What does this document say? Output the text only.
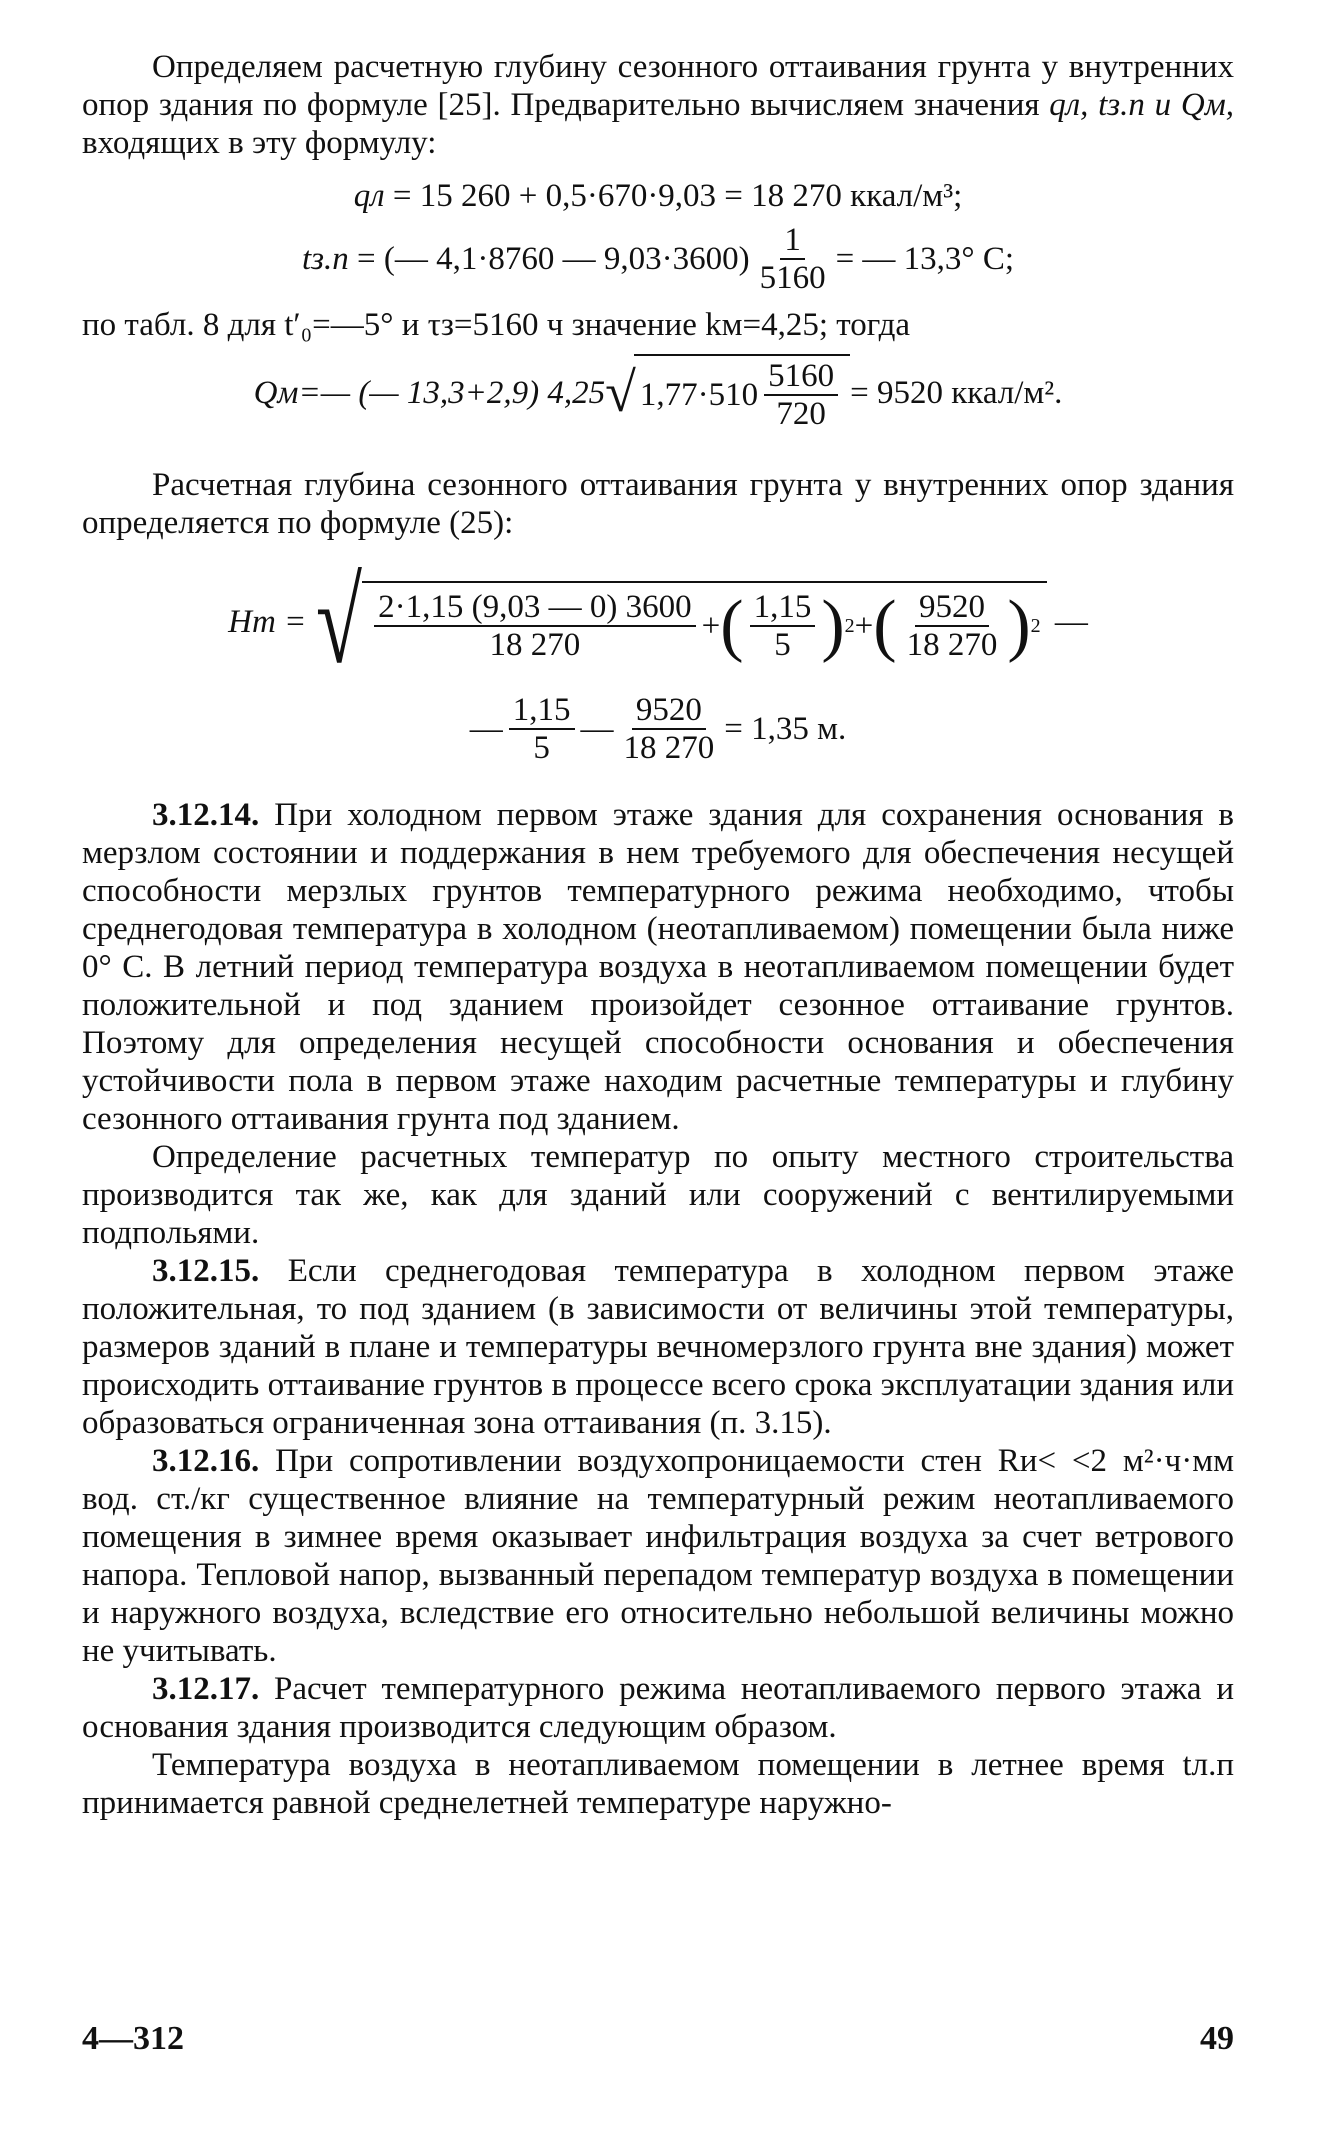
Определяем расчетную глубину сезонного оттаивания грунта у внутренних опор здания по формуле [25]. Предварительно вычисляем значения qл, tз.п и Qм, входящих в эту формулу:

qл
= 15 260 + 0,5·670·9,03 = 18 270 ккал/м³;
tз.п
= (— 4,1·8760 — $9,03\cdot 3600) \frac{1}{5160}$ = — 13,3° С;

по табл. 8 для t′₀=—5° и τз=5160 ч значение kм=4,25; тогда

Qм=— (— 13,3+2,9) 4,25 √ $1,77\cdot 510 \frac{5160}{720} = 9520$ ккал/м².

Расчетная глубина сезонного оттаивания грунта у внутренних опор здания определяется по формуле (25):

Hт = √ $\frac{2\cdot 1,15 (9,03 — 0) 3600}{18 270}$ + ( $\frac{1,15}{5}$ ) 2 + ( $\frac{9520}{18 270}$ ) 2 —
— $\frac{1,15}{5}$ — $\frac{9520}{18 270} = 1,35$ м.

3.12.14. При холодном первом этаже здания для сохранения основания в мерзлом состоянии и поддержания в нем требуемого для обеспечения несущей способности мерзлых грунтов температурного режима необходимо, чтобы среднегодовая температура в холодном (неотапливаемом) помещении была ниже 0° С. В летний период температура воздуха в неотапливаемом помещении будет положительной и под зданием произойдет сезонное оттаивание грунтов. Поэтому для определения несущей способности основания и обеспечения устойчивости пола в первом этаже находим расчетные температуры и глубину сезонного оттаивания грунта под зданием.

Определение расчетных температур по опыту местного строительства производится так же, как для зданий или сооружений с вентилируемыми подпольями.

3.12.15. Если среднегодовая температура в холодном первом этаже положительная, то под зданием (в зависимости от величины этой температуры, размеров зданий в плане и температуры вечномерзлого грунта вне здания) может происходить оттаивание грунтов в процессе всего срока эксплуатации здания или образоваться ограниченная зона оттаивания (п. 3.15).

3.12.16. При сопротивлении воздухопроницаемости стен Rи< <2 м²·ч·мм вод. ст./кг существенное влияние на температурный режим неотапливаемого помещения в зимнее время оказывает инфильтрация воздуха за счет ветрового напора. Тепловой напор, вызванный перепадом температур воздуха в помещении и наружного воздуха, вследствие его относительно небольшой величины можно не учитывать.

3.12.17. Расчет температурного режима неотапливаемого первого этажа и основания здания производится следующим образом.

Температура воздуха в неотапливаемом помещении в летнее время tл.п принимается равной среднелетней температуре наружно-

4—312	49
